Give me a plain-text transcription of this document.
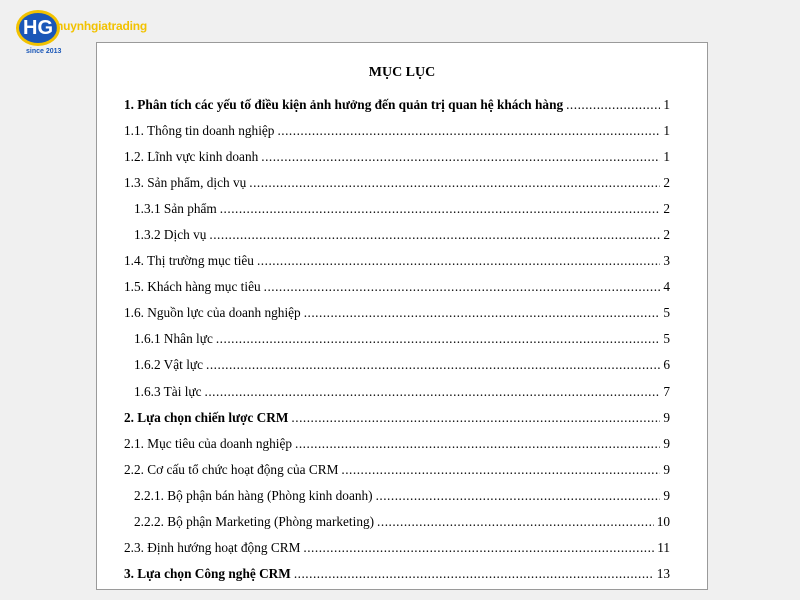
HG huynhgiatrading
since 2013
MỤC LỤC
1. Phân tích các yếu tố điều kiện ảnh hưởng đến quản trị quan hệ khách hàng .....	1
1.1. Thông tin doanh nghiệp .....	1
1.2. Lĩnh vực kinh doanh .....	1
1.3. Sản phẩm, dịch vụ .....	2
1.3.1 Sản phẩm .....	2
1.3.2 Dịch vụ .....	2
1.4. Thị trường mục tiêu .....	3
1.5. Khách hàng mục tiêu .....	4
1.6. Nguồn lực của doanh nghiệp .....	5
1.6.1 Nhân lực .....	5
1.6.2 Vật lực .....	6
1.6.3 Tài lực .....	7
2. Lựa chọn chiến lược CRM .....	9
2.1. Mục tiêu của doanh nghiệp .....	9
2.2. Cơ cấu tổ chức hoạt động của CRM .....	9
2.2.1. Bộ phận bán hàng (Phòng kinh doanh) .....	9
2.2.2. Bộ phận Marketing (Phòng marketing) .....	10
2.3. Định hướng hoạt động CRM .....	11
3. Lựa chọn Công nghệ CRM .....	13
